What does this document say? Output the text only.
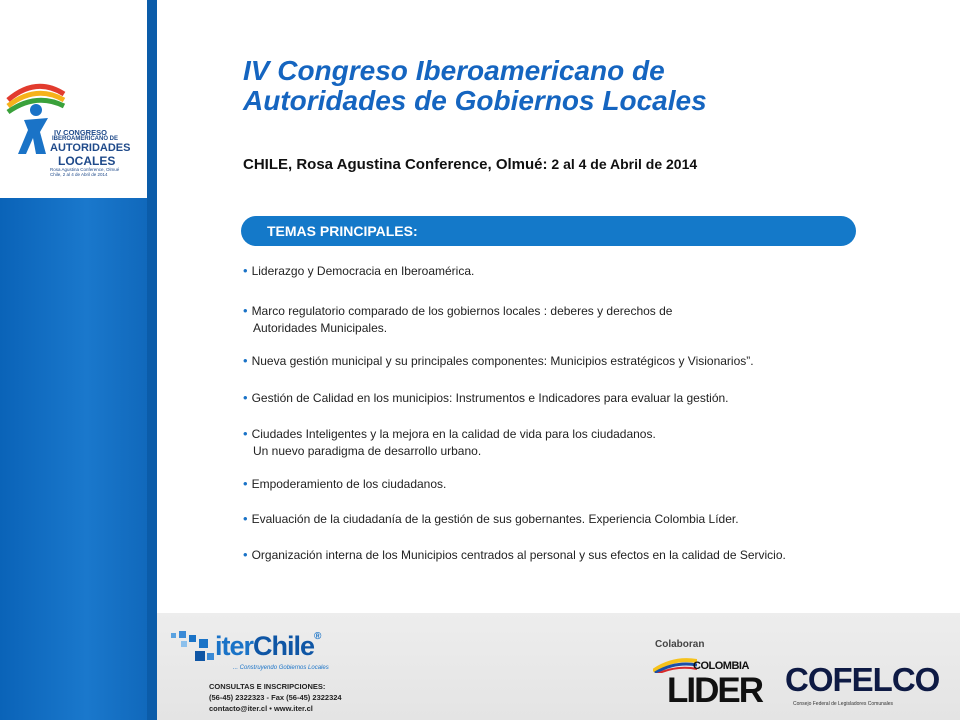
IV CONGRESO
IBEROAMERICANO DE
AUTORIDADES
LOCALES
Rosa Agustina Conference, Olmué
Chile, 2 al 4 de Abril de 2014
IV Congreso Iberoamericano de
Autoridades de Gobiernos Locales
CHILE, Rosa Agustina Conference, Olmué: 2 al 4 de Abril de 2014
TEMAS PRINCIPALES:
• Liderazgo y Democracia en Iberoamérica.
• Marco regulatorio comparado de los gobiernos locales : deberes y derechos de
Autoridades Municipales.
• Nueva gestión municipal y su principales componentes: Municipios estratégicos y Visionarios”.
• Gestión de Calidad en los municipios: Instrumentos e Indicadores para evaluar la gestión.
• Ciudades Inteligentes y la mejora en la calidad de vida para los ciudadanos.
Un nuevo paradigma de desarrollo urbano.
• Empoderamiento de los ciudadanos.
• Evaluación de la ciudadanía de la gestión de sus gobernantes. Experiencia Colombia Líder.
• Organización interna de los Municipios centrados al personal y sus efectos en la calidad de Servicio.
iterChile®
... Construyendo Gobiernos Locales
CONSULTAS E INSCRIPCIONES:
(56-45) 2322323 - Fax (56-45) 2322324
contacto@iter.cl • www.iter.cl
Colaboran
COLOMBIA
LIDER COFELCO
Consejo Federal de Legisladores Comunales
